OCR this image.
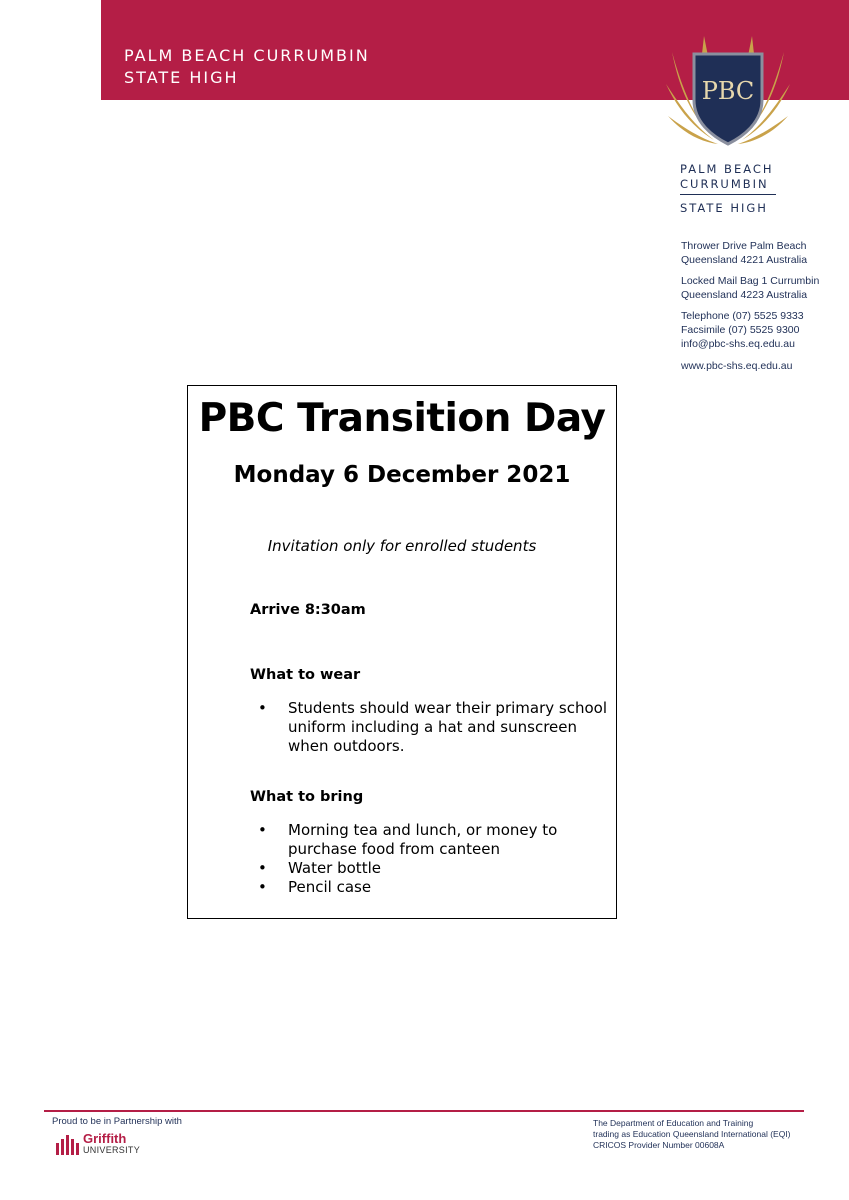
PALM BEACH CURRUMBIN
STATE HIGH	PBC
PALM BEACH
CURRUMBIN
STATE HIGH
Thrower Drive Palm Beach
Queensland 4221 Australia
Locked Mail Bag 1 Currumbin
Queensland 4223 Australia
Telephone (07) 5525 9333
Facsimile (07) 5525 9300
info@pbc-shs.eq.edu.au
www.pbc-shs.eq.edu.au
PBC Transition Day
Monday 6 December 2021
Invitation only for enrolled students
Arrive 8:30am
What to wear
• Students should wear their primary school uniform including a hat and sunscreen when outdoors.
What to bring
• Morning tea and lunch, or money to purchase food from canteen
• Water bottle
• Pencil case
Proud to be in Partnership with
Griffith
UNIVERSITY
The Department of Education and Training
trading as Education Queensland International (EQI)
CRICOS Provider Number 00608A
